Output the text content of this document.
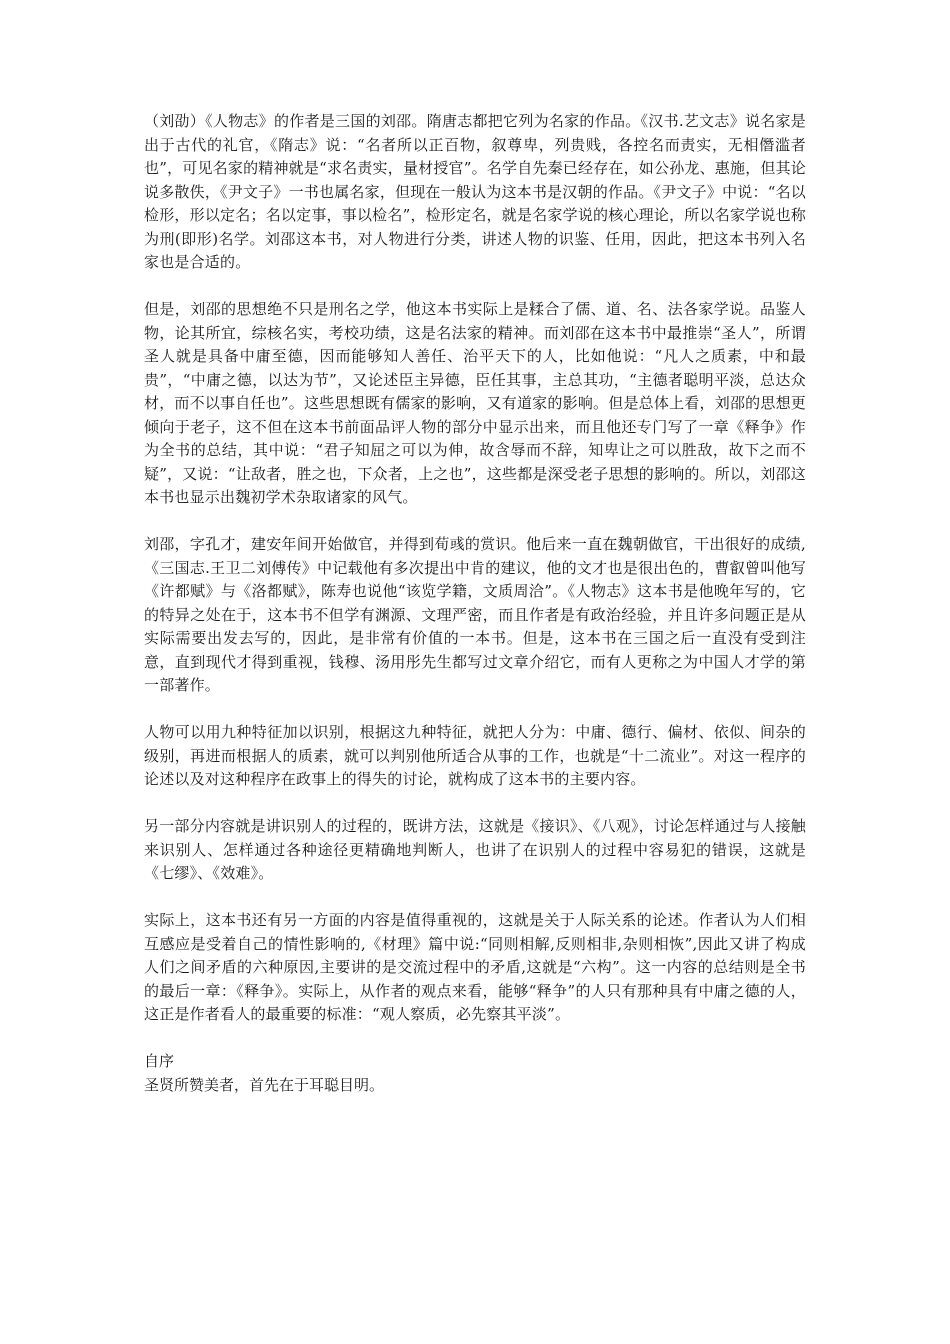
（刘劭）《人物志》的作者是三国的刘邵。隋唐志都把它列为名家的作品。《汉书.艺文志》说名家是出于古代的礼官，《隋志》说：“名者所以正百物，叙尊卑，列贵贱，各控名而责实，无相僭滥者也”，可见名家的精神就是“求名责实，量材授官”。名学自先秦已经存在，如公孙龙、惠施，但其论说多散佚，《尹文子》一书也属名家，但现在一般认为这本书是汉朝的作品。《尹文子》中说：“名以检形，形以定名；名以定事，事以检名”，检形定名，就是名家学说的核心理论，所以名家学说也称为刑(即形)名学。刘邵这本书，对人物进行分类，讲述人物的识鉴、任用，因此，把这本书列入名家也是合适的。

但是，刘邵的思想绝不只是刑名之学，他这本书实际上是糅合了儒、道、名、法各家学说。品鉴人物，论其所宜，综核名实，考校功绩，这是名法家的精神。而刘邵在这本书中最推崇“圣人”，所谓圣人就是具备中庸至德，因而能够知人善任、治平天下的人，比如他说：“凡人之质素，中和最贵”，“中庸之德，以达为节”，又论述臣主异德，臣任其事，主总其功，“主德者聪明平淡，总达众材，而不以事自任也”。这些思想既有儒家的影响，又有道家的影响。但是总体上看，刘邵的思想更倾向于老子，这不但在这本书前面品评人物的部分中显示出来，而且他还专门写了一章《释争》作为全书的总结，其中说：“君子知屈之可以为伸，故含辱而不辞，知卑让之可以胜敌，故下之而不疑”，又说：“让敌者，胜之也，下众者，上之也”，这些都是深受老子思想的影响的。所以，刘邵这本书也显示出魏初学术杂取诸家的风气。

刘邵，字孔才，建安年间开始做官，并得到荀彧的赏识。他后来一直在魏朝做官，干出很好的成绩,《三国志.王卫二刘傅传》中记载他有多次提出中肯的建议，他的文才也是很出色的，曹叡曾叫他写《许都赋》与《洛都赋》，陈寿也说他“该览学籍，文质周洽”。《人物志》这本书是他晚年写的，它的特异之处在于，这本书不但学有渊源、文理严密，而且作者是有政治经验，并且许多问题正是从实际需要出发去写的，因此，是非常有价值的一本书。但是，这本书在三国之后一直没有受到注意，直到现代才得到重视，钱穆、汤用彤先生都写过文章介绍它，而有人更称之为中国人才学的第一部著作。

人物可以用九种特征加以识别，根据这九种特征，就把人分为：中庸、德行、偏材、依似、间杂的级别，再进而根据人的质素，就可以判别他所适合从事的工作，也就是“十二流业”。对这一程序的论述以及对这种程序在政事上的得失的讨论，就构成了这本书的主要内容。

另一部分内容就是讲识别人的过程的，既讲方法，这就是《接识》、《八观》，讨论怎样通过与人接触来识别人、怎样通过各种途径更精确地判断人，也讲了在识别人的过程中容易犯的错误，这就是《七缪》、《效难》。

实际上，这本书还有另一方面的内容是值得重视的，这就是关于人际关系的论述。作者认为人们相互感应是受着自己的情性影响的,《材理》篇中说:“同则相解,反则相非,杂则相恢”,因此又讲了构成人们之间矛盾的六种原因,主要讲的是交流过程中的矛盾,这就是“六构”。这一内容的总结则是全书的最后一章：《释争》。实际上，从作者的观点来看，能够“释争”的人只有那种具有中庸之德的人，这正是作者看人的最重要的标准：“观人察质，必先察其平淡”。

自序

圣贤所赞美者，首先在于耳聪目明。
